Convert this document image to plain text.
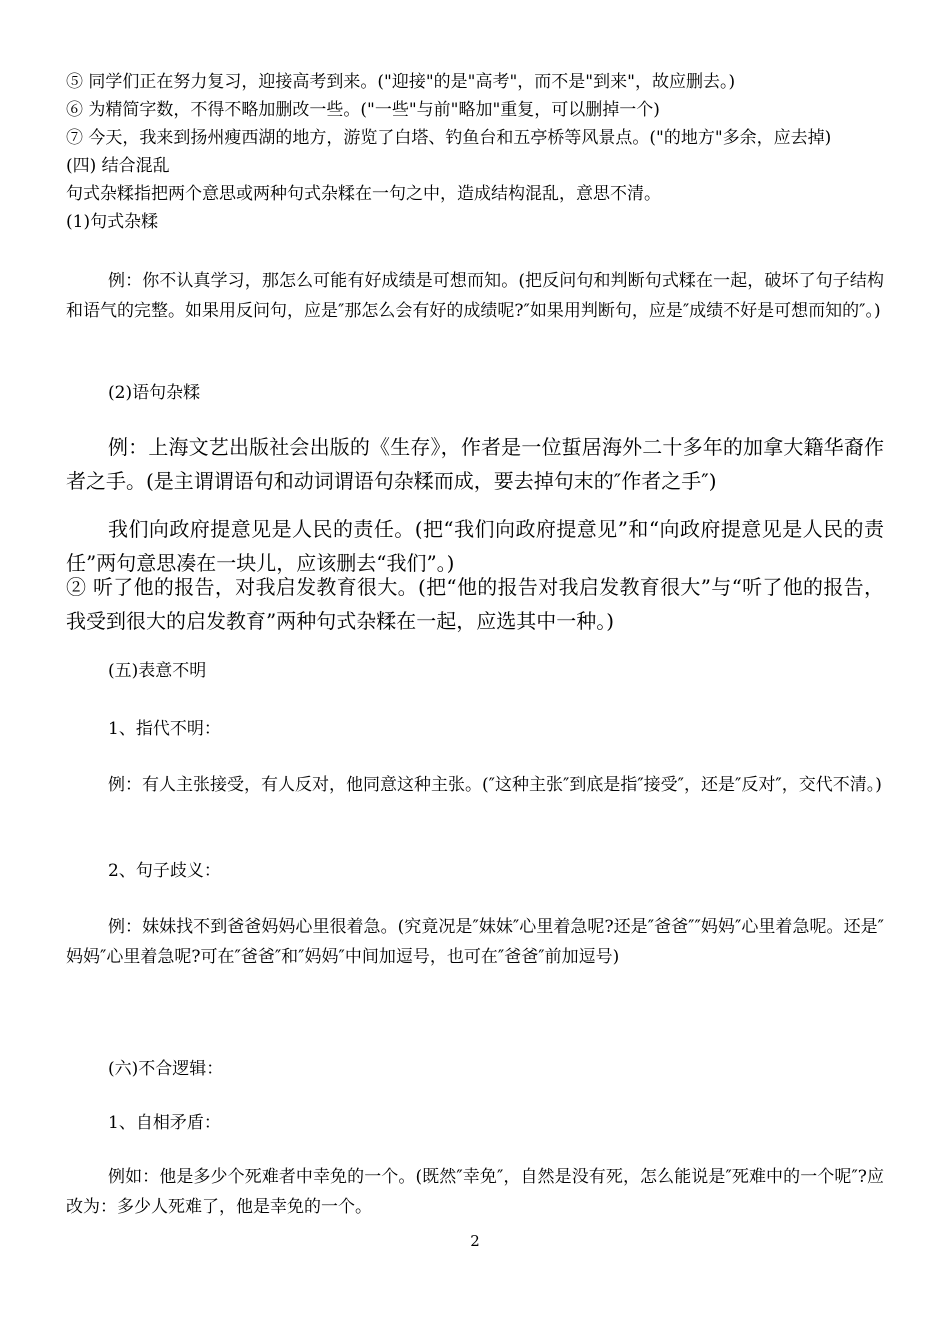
⑤ 同学们正在努力复习，迎接高考到来。("迎接"的是"高考"，而不是"到来"，故应删去。)
⑥ 为精简字数，不得不略加删改一些。("一些"与前"略加"重复，可以删掉一个)
⑦ 今天，我来到扬州瘦西湖的地方，游览了白塔、钓鱼台和五亭桥等风景点。("的地方"多余，应去掉)
(四) 结合混乱
句式杂糅指把两个意思或两种句式杂糅在一句之中，造成结构混乱，意思不清。
(1)句式杂糅
例：你不认真学习，那怎么可能有好成绩是可想而知。(把反问句和判断句式糅在一起，破坏了句子结构和语气的完整。如果用反问句，应是″那怎么会有好的成绩呢?″如果用判断句，应是″成绩不好是可想而知的″。)
(2)语句杂糅
例：上海文艺出版社会出版的《生存》，作者是一位蜇居海外二十多年的加拿大籍华裔作者之手。(是主谓谓语句和动词谓语句杂糅而成，要去掉句末的″作者之手″)
我们向政府提意见是人民的责任。(把“我们向政府提意见”和“向政府提意见是人民的责任”两句意思凑在一块儿，应该删去“我们”。)
② 听了他的报告，对我启发教育很大。(把“他的报告对我启发教育很大”与“听了他的报告，我受到很大的启发教育”两种句式杂糅在一起，应选其中一种。)
(五)表意不明
1、指代不明：
例：有人主张接受，有人反对，他同意这种主张。(″这种主张″到底是指″接受″，还是″反对″，交代不清。)
2、句子歧义：
例：妹妹找不到爸爸妈妈心里很着急。(究竟况是″妹妹″心里着急呢?还是″爸爸″″妈妈″心里着急呢。还是″妈妈″心里着急呢?可在″爸爸″和″妈妈″中间加逗号，也可在″爸爸″前加逗号)
(六)不合逻辑：
1、自相矛盾：
例如：他是多少个死难者中幸免的一个。(既然″幸免″，自然是没有死，怎么能说是″死难中的一个呢″?应改为：多少人死难了，他是幸免的一个。
2
